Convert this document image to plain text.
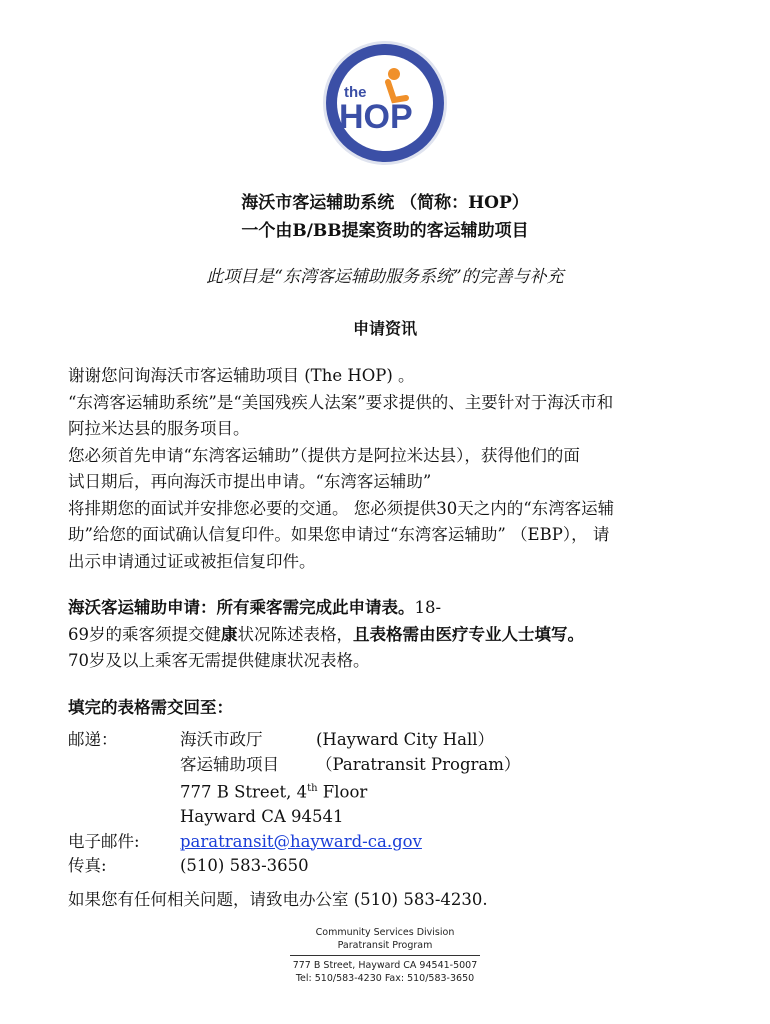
the
HOP
海沃市客运辅助系统 （简称：HOP）
一个由B/BB提案资助的客运辅助项目
此项目是“东湾客运辅助服务系统”的完善与补充
申请资讯
谢谢您问询海沃市客运辅助项目 (The HOP) 。
“东湾客运辅助系统”是“美国残疾人法案”要求提供的、主要针对于海沃市和
阿拉米达县的服务项目。
您必须首先申请“东湾客运辅助”（提供方是阿拉米达县），获得他们的面
试日期后，再向海沃市提出申请。“东湾客运辅助”
将排期您的面试并安排您必要的交通。 您必须提供30天之内的“东湾客运辅
助”给您的面试确认信复印件。如果您申请过“东湾客运辅助” （EBP）， 请
出示申请通过证或被拒信复印件。
海沃客运辅助申请：所有乘客需完成此申请表。18-
69岁的乘客须提交健康状况陈述表格，且表格需由医疗专业人士填写。
70岁及以上乘客无需提供健康状况表格。
填完的表格需交回至：
邮递：	海沃市政厅	(Hayward City Hall）
客运辅助项目 （Paratransit Program）
777 B Street, 4th Floor
Hayward CA 94541
电子邮件:	paratransit@hayward-ca.gov
传真:	(510) 583-3650
如果您有任何相关问题，请致电办公室 (510) 583-4230.
Community Services Division
Paratransit Program
777 B Street, Hayward CA 94541-5007
Tel: 510/583-4230 Fax: 510/583-3650
